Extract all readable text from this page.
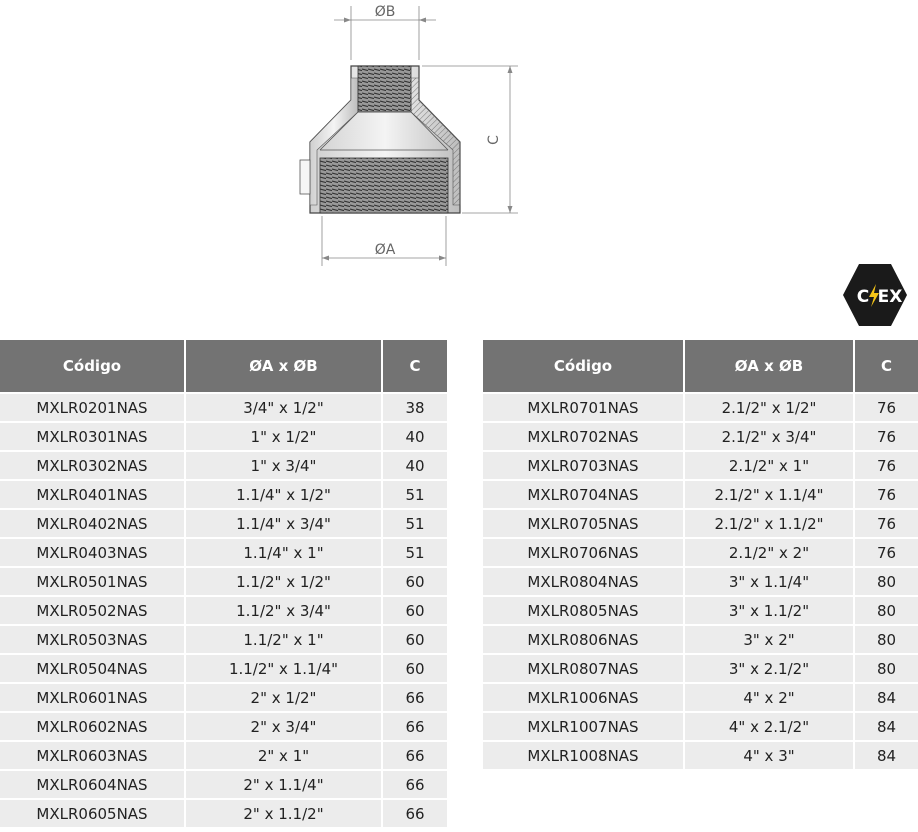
ØB
C
ØA
C EX
Código	ØA x ØB	C
MXLR0201NAS	3/4" x 1/2"	38
MXLR0301NAS	1" x 1/2"	40
MXLR0302NAS	1" x 3/4"	40
MXLR0401NAS	1.1/4" x 1/2"	51
MXLR0402NAS	1.1/4" x 3/4"	51
MXLR0403NAS	1.1/4" x 1"	51
MXLR0501NAS	1.1/2" x 1/2"	60
MXLR0502NAS	1.1/2" x 3/4"	60
MXLR0503NAS	1.1/2" x 1"	60
MXLR0504NAS	1.1/2" x 1.1/4"	60
MXLR0601NAS	2" x 1/2"	66
MXLR0602NAS	2" x 3/4"	66
MXLR0603NAS	2" x 1"	66
MXLR0604NAS	2" x 1.1/4"	66
MXLR0605NAS	2" x 1.1/2"	66
Código	ØA x ØB	C
MXLR0701NAS	2.1/2" x 1/2"	76
MXLR0702NAS	2.1/2" x 3/4"	76
MXLR0703NAS	2.1/2" x 1"	76
MXLR0704NAS	2.1/2" x 1.1/4"	76
MXLR0705NAS	2.1/2" x 1.1/2"	76
MXLR0706NAS	2.1/2" x 2"	76
MXLR0804NAS	3" x 1.1/4"	80
MXLR0805NAS	3" x 1.1/2"	80
MXLR0806NAS	3" x 2"	80
MXLR0807NAS	3" x 2.1/2"	80
MXLR1006NAS	4" x 2"	84
MXLR1007NAS	4" x 2.1/2"	84
MXLR1008NAS	4" x 3"	84
